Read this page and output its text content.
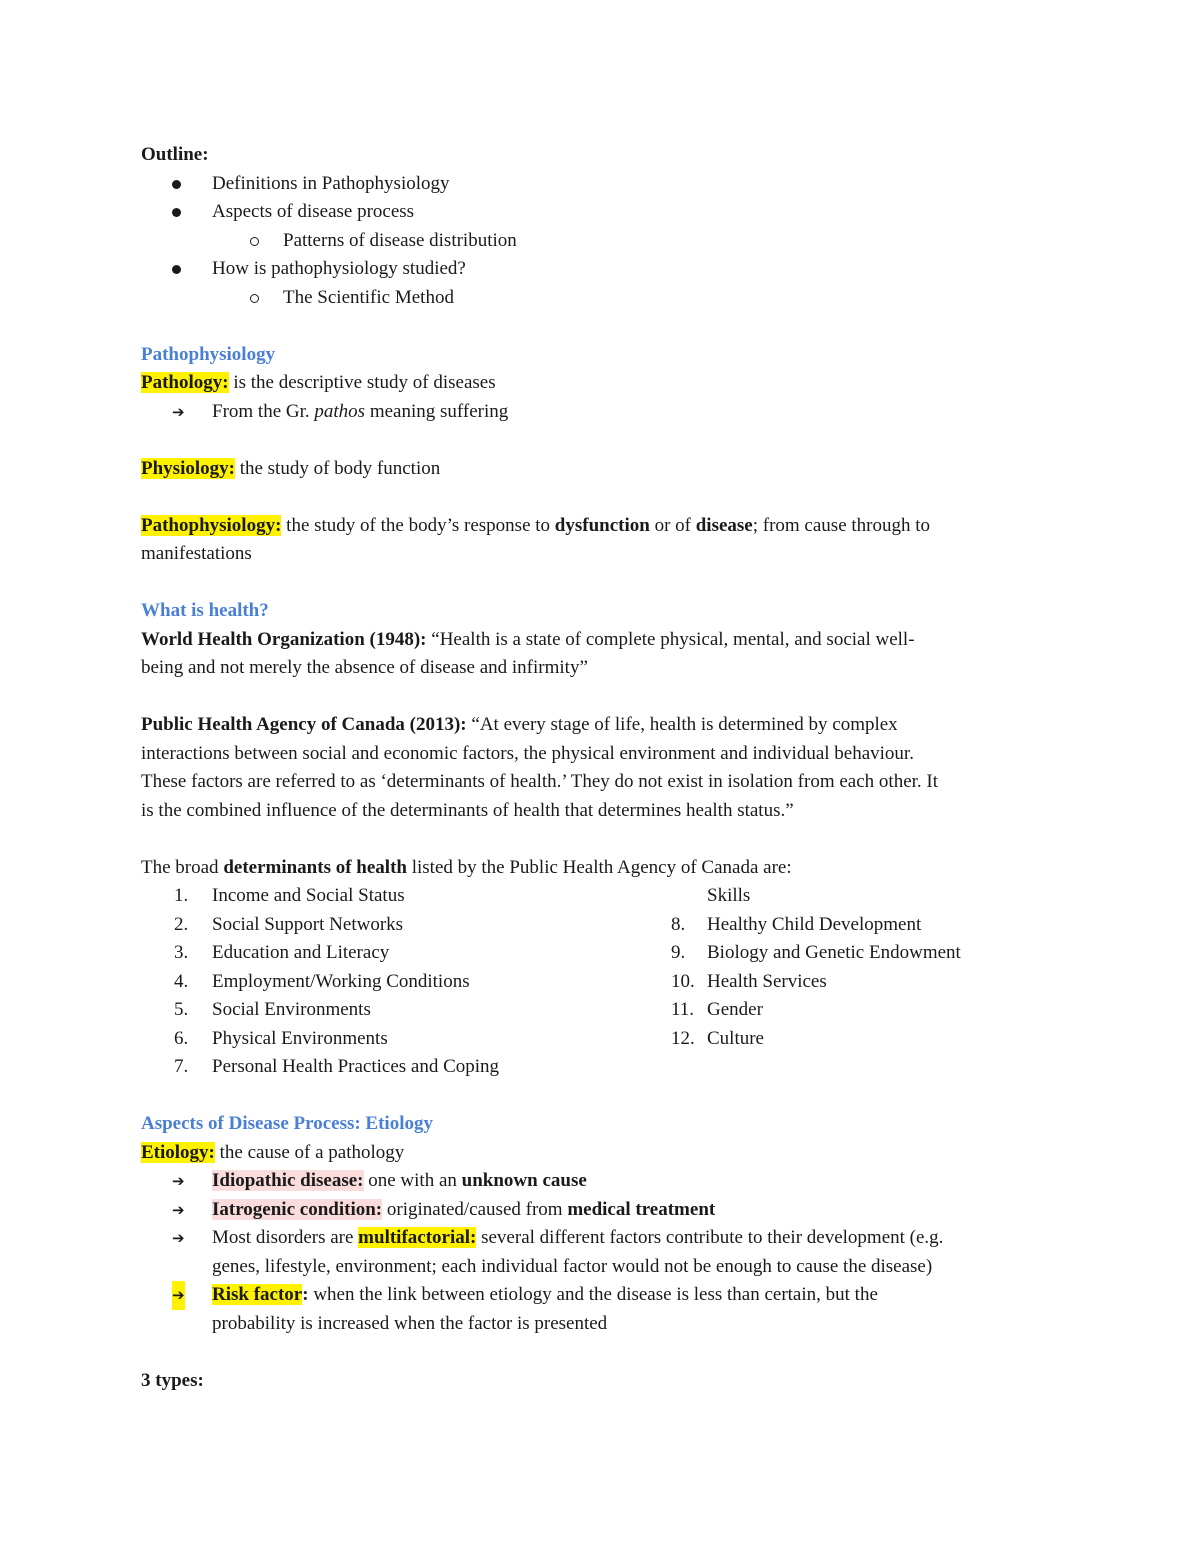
Outline:
Definitions in Pathophysiology
Aspects of disease process
Patterns of disease distribution
How is pathophysiology studied?
The Scientific Method
Pathophysiology
Pathology: is the descriptive study of diseases
➔ From the Gr. pathos meaning suffering
Physiology: the study of body function
Pathophysiology: the study of the body’s response to dysfunction or of disease; from cause through to
manifestations
What is health?
World Health Organization (1948): “Health is a state of complete physical, mental, and social well-
being and not merely the absence of disease and infirmity”
Public Health Agency of Canada (2013): “At every stage of life, health is determined by complex
interactions between social and economic factors, the physical environment and individual behaviour.
These factors are referred to as ‘determinants of health.’ They do not exist in isolation from each other. It
is the combined influence of the determinants of health that determines health status.”
The broad determinants of health listed by the Public Health Agency of Canada are:
1.	Income and Social Status
2.	Social Support Networks
3.	Education and Literacy
4.	Employment/Working Conditions
5.	Social Environments
6.	Physical Environments
7.	Personal Health Practices and Coping
Skills
8.	Healthy Child Development
9.	Biology and Genetic Endowment
10. Health Services
11. Gender
12. Culture
Aspects of Disease Process: Etiology
Etiology: the cause of a pathology
➔ Idiopathic disease: one with an unknown cause
➔ Iatrogenic condition: originated/caused from medical treatment
➔ Most disorders are multifactorial: several different factors contribute to their development (e.g.
genes, lifestyle, environment; each individual factor would not be enough to cause the disease)
➔ Risk factor: when the link between etiology and the disease is less than certain, but the
probability is increased when the factor is presented
3 types:
